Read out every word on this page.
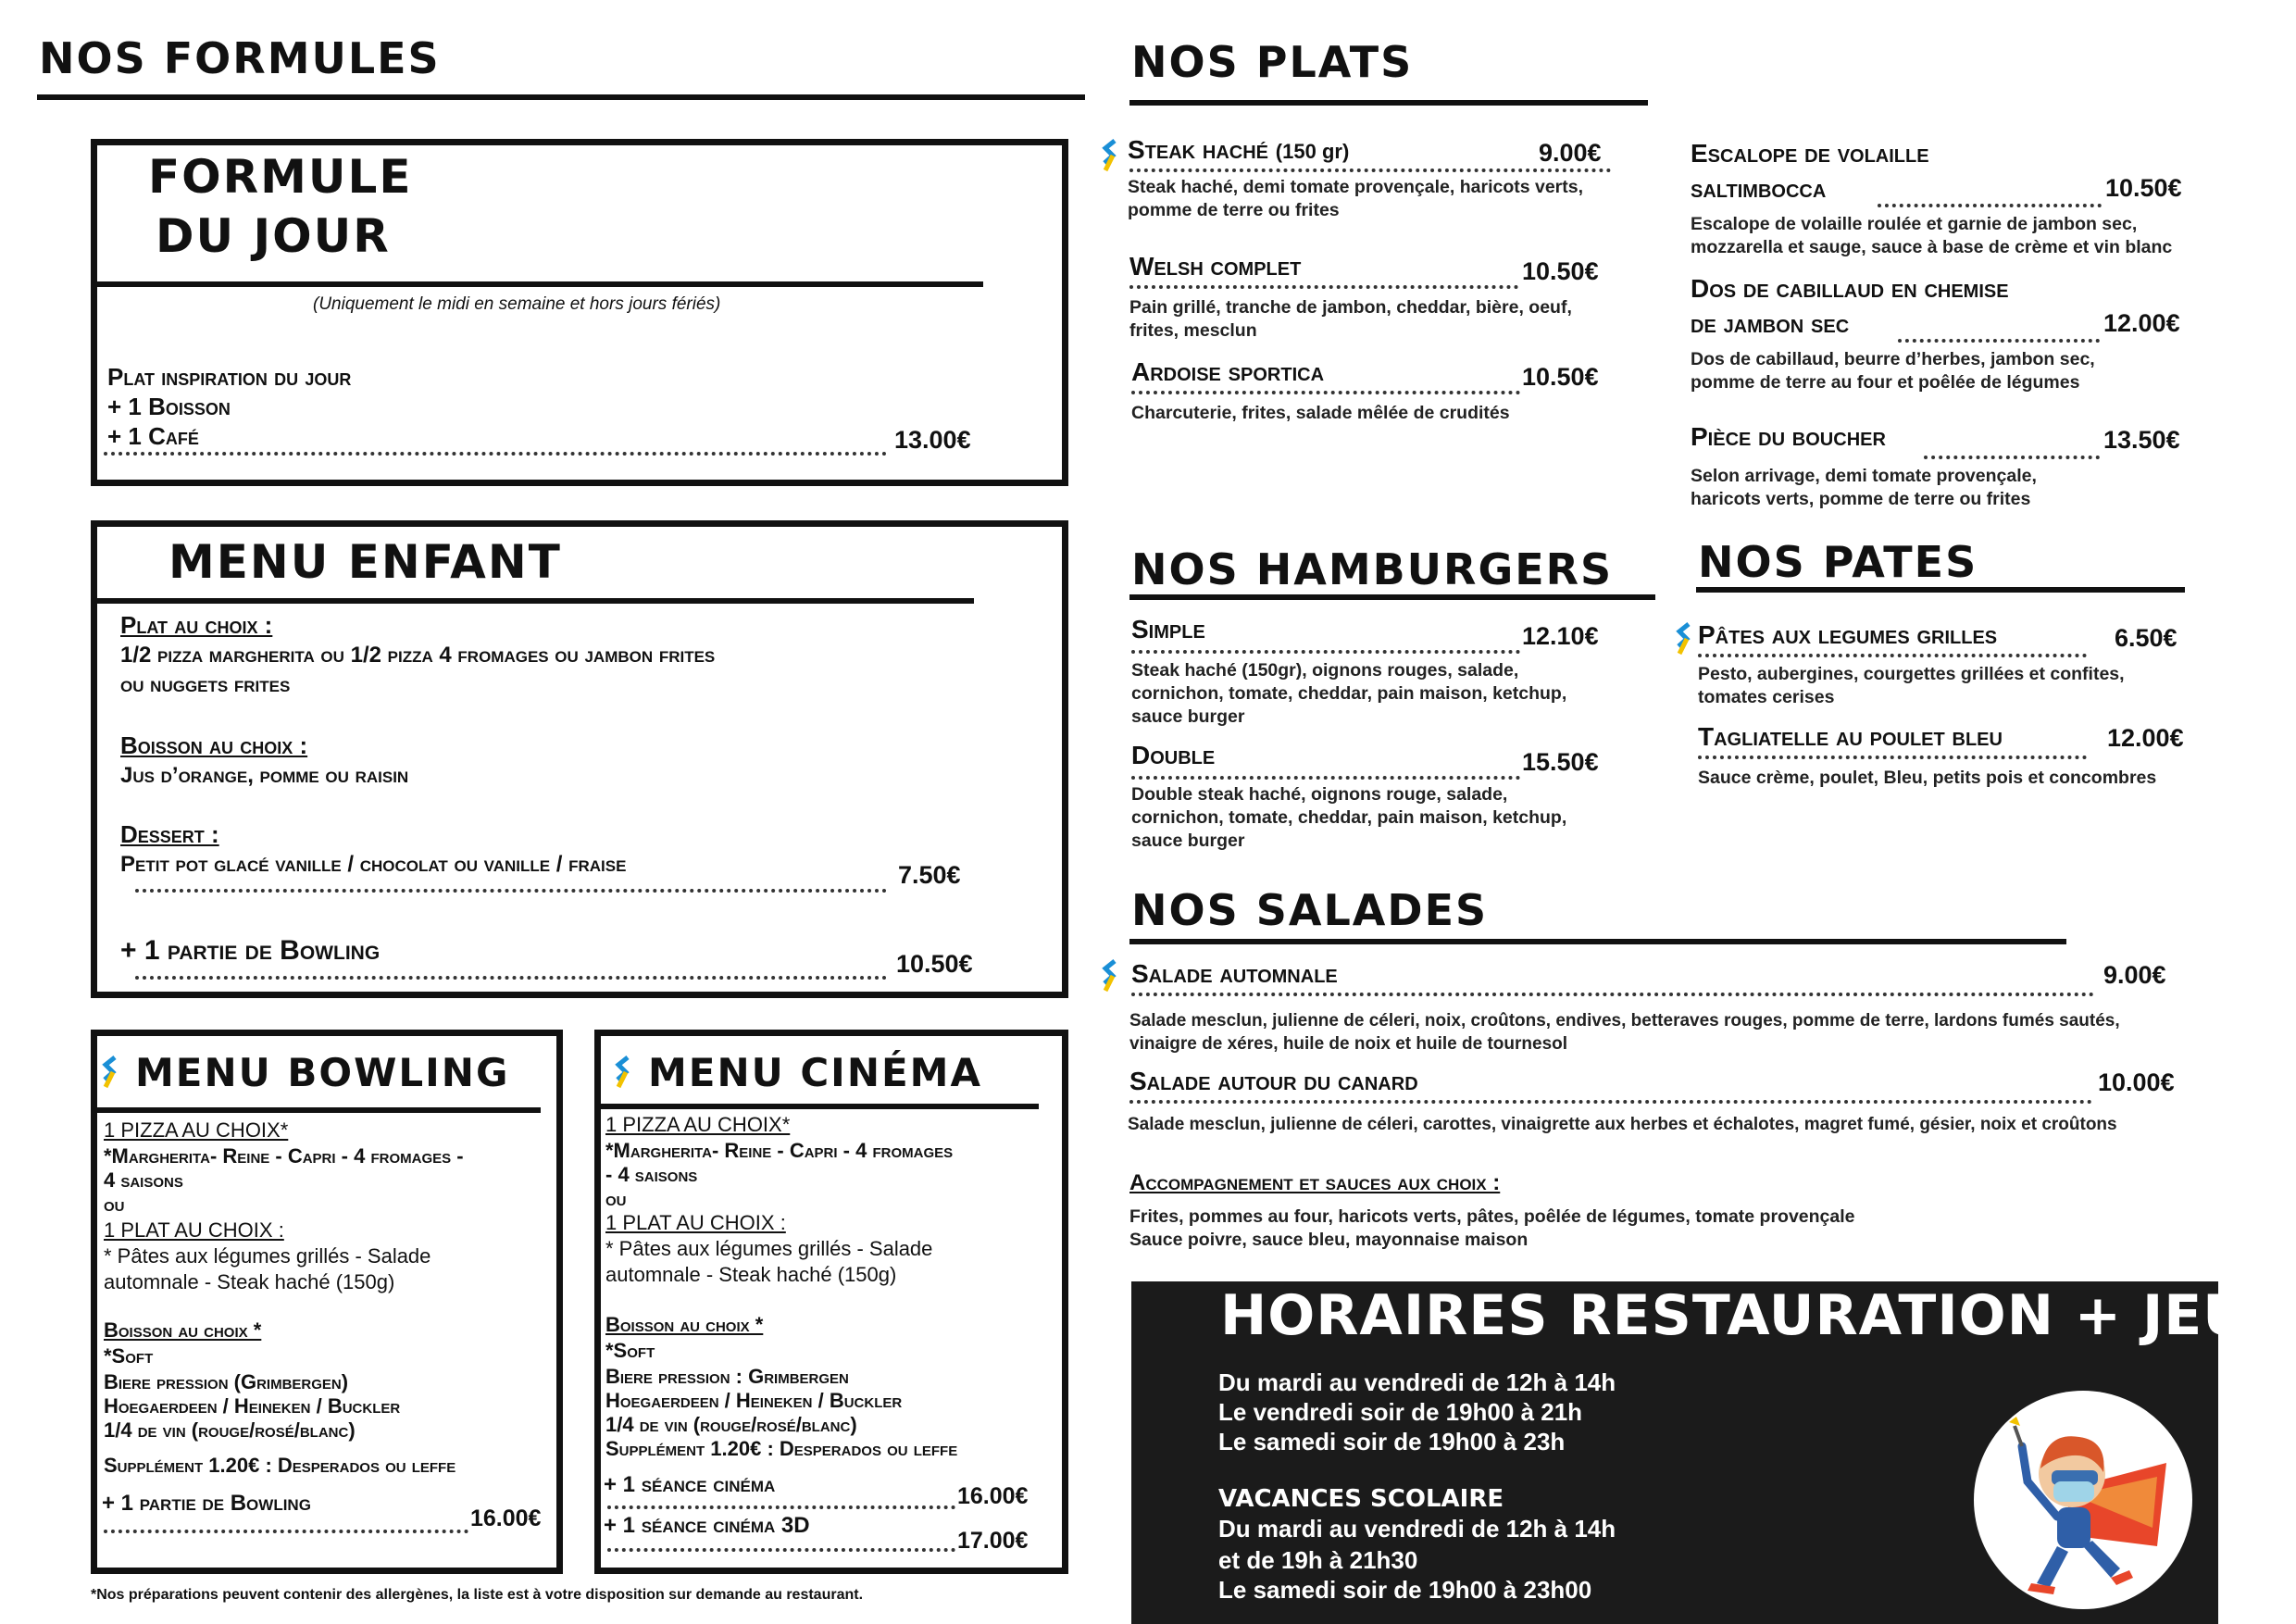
NOS FORMULES
FORMULE
DU JOUR
(Uniquement le midi en semaine et hors jours fériés)
Plat inspiration du jour
+ 1 Boisson
+ 1 Café	13.00€
MENU ENFANT
Plat au choix :
1/2 pizza margherita ou 1/2 pizza 4 fromages ou jambon frites
ou nuggets frites
Boisson au choix :
Jus d’orange, pomme ou raisin
Dessert :
Petit pot glacé vanille / chocolat ou vanille / fraise	7.50€
+ 1 partie de Bowling	10.50€
MENU BOWLING
1 PIZZA AU CHOIX*
*Margherita- Reine - Capri - 4 fromages -
4 saisons
ou
1 PLAT AU CHOIX :
* Pâtes aux légumes grillés - Salade
automnale - Steak haché (150g)
Boisson au choix *
*Soft
Biere pression (Grimbergen)
Hoegaerdeen / Heineken / Buckler
1/4 de vin (rouge/rosé/blanc)
Supplément 1.20€ : Desperados ou leffe
+ 1 partie de Bowling
16.00€
MENU CINÉMA
1 PIZZA AU CHOIX*
*Margherita- Reine - Capri - 4 fromages
- 4 saisons
ou
1 PLAT AU CHOIX :
* Pâtes aux légumes grillés - Salade
automnale - Steak haché (150g)
Boisson au choix *
*Soft
Biere pression : Grimbergen
Hoegaerdeen / Heineken / Buckler
1/4 de vin (rouge/rosé/blanc)
Supplément 1.20€ : Desperados ou leffe
+ 1 séance cinéma	16.00€
+ 1 séance cinéma 3D
17.00€
*Nos préparations peuvent contenir des allergènes, la liste est à votre disposition sur demande au restaurant.
NOS PLATS
Steak haché (150 gr)	9.00€
Steak haché, demi tomate provençale, haricots verts,
pomme de terre ou frites
Welsh complet	10.50€
Pain grillé, tranche de jambon, cheddar, bière, oeuf,
frites, mesclun
Ardoise sportica	10.50€
Charcuterie, frites, salade mêlée de crudités
Escalope de volaille
saltimbocca	10.50€
Escalope de volaille roulée et garnie de jambon sec,
mozzarella et sauge, sauce à base de crème et vin blanc
Dos de cabillaud en chemise
de jambon sec	12.00€
Dos de cabillaud, beurre d’herbes, jambon sec,
pomme de terre au four et poêlée de légumes
Pièce du boucher	13.50€
Selon arrivage, demi tomate provençale,
haricots verts, pomme de terre ou frites
NOS HAMBURGERS
Simple	12.10€
Steak haché (150gr), oignons rouges, salade,
cornichon, tomate, cheddar, pain maison, ketchup,
sauce burger
Double	15.50€
Double steak haché, oignons rouge, salade,
cornichon, tomate, cheddar, pain maison, ketchup,
sauce burger
NOS PATES
Pâtes aux legumes grilles	6.50€
Pesto, aubergines, courgettes grillées et confites,
tomates cerises
Tagliatelle au poulet bleu	12.00€
Sauce crème, poulet, Bleu, petits pois et concombres
NOS SALADES
Salade automnale	9.00€
Salade mesclun, julienne de céleri, noix, croûtons, endives, betteraves rouges, pomme de terre, lardons fumés sautés,
vinaigre de xéres, huile de noix et huile de tournesol
Salade autour du canard	10.00€
Salade mesclun, julienne de céleri, carottes, vinaigrette aux herbes et échalotes, magret fumé, gésier, noix et croûtons
Accompagnement et sauces aux choix :
Frites, pommes au four, haricots verts, pâtes, poêlée de légumes, tomate provençale
Sauce poivre, sauce bleu, mayonnaise maison
HORAIRES RESTAURATION + JEU
Du mardi au vendredi de 12h à 14h
Le vendredi soir de 19h00 à 21h
Le samedi soir de 19h00 à 23h
VACANCES SCOLAIRE
Du mardi au vendredi de 12h à 14h
et de 19h à 21h30
Le samedi soir de 19h00 à 23h00
